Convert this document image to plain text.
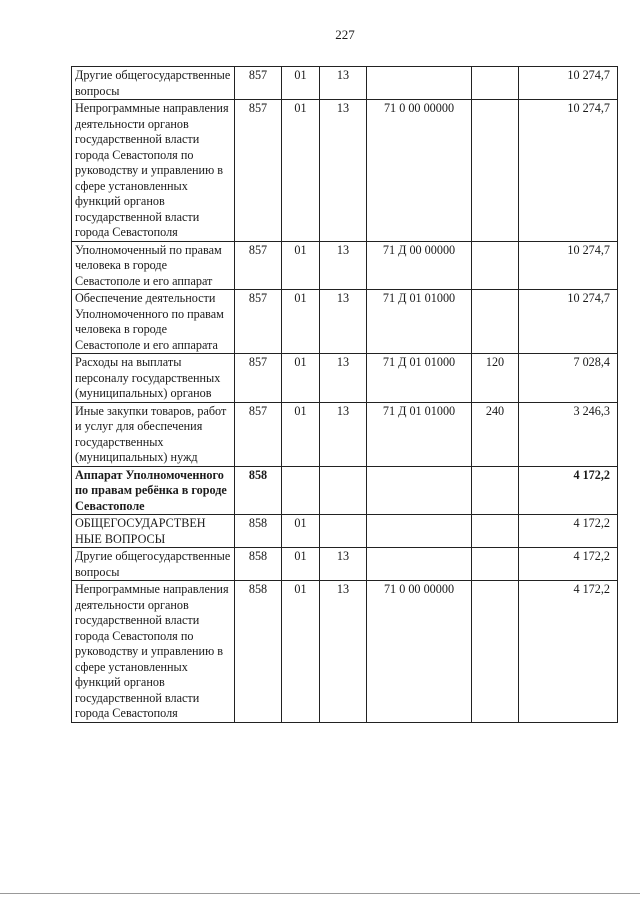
227
Другие общегосударственные вопросы	857	01	13			10 274,7
Непрограммные направления деятельности органов государственной власти города Севастополя по руководству и управлению в сфере установленных функций органов государственной власти города Севастополя	857	01	13	71 0 00 00000		10 274,7
Уполномоченный по правам человека в городе Севастополе и его аппарат	857	01	13	71 Д 00 00000		10 274,7
Обеспечение деятельности Уполномоченного по правам человека в городе Севастополе и его аппарата	857	01	13	71 Д 01 01000		10 274,7
Расходы на выплаты персоналу государственных (муниципальных) органов	857	01	13	71 Д 01 01000	120	7 028,4
Иные закупки товаров, работ и услуг для обеспечения государственных (муниципальных) нужд	857	01	13	71 Д 01 01000	240	3 246,3
Аппарат Уполномоченного по правам ребёнка в городе Севастополе	858					4 172,2
ОБЩЕГОСУДАРСТВЕН НЫЕ ВОПРОСЫ	858	01				4 172,2
Другие общегосударственные вопросы	858	01	13			4 172,2
Непрограммные направления деятельности органов государственной власти города Севастополя по руководству и управлению в сфере установленных функций органов государственной власти города Севастополя	858	01	13	71 0 00 00000		4 172,2
